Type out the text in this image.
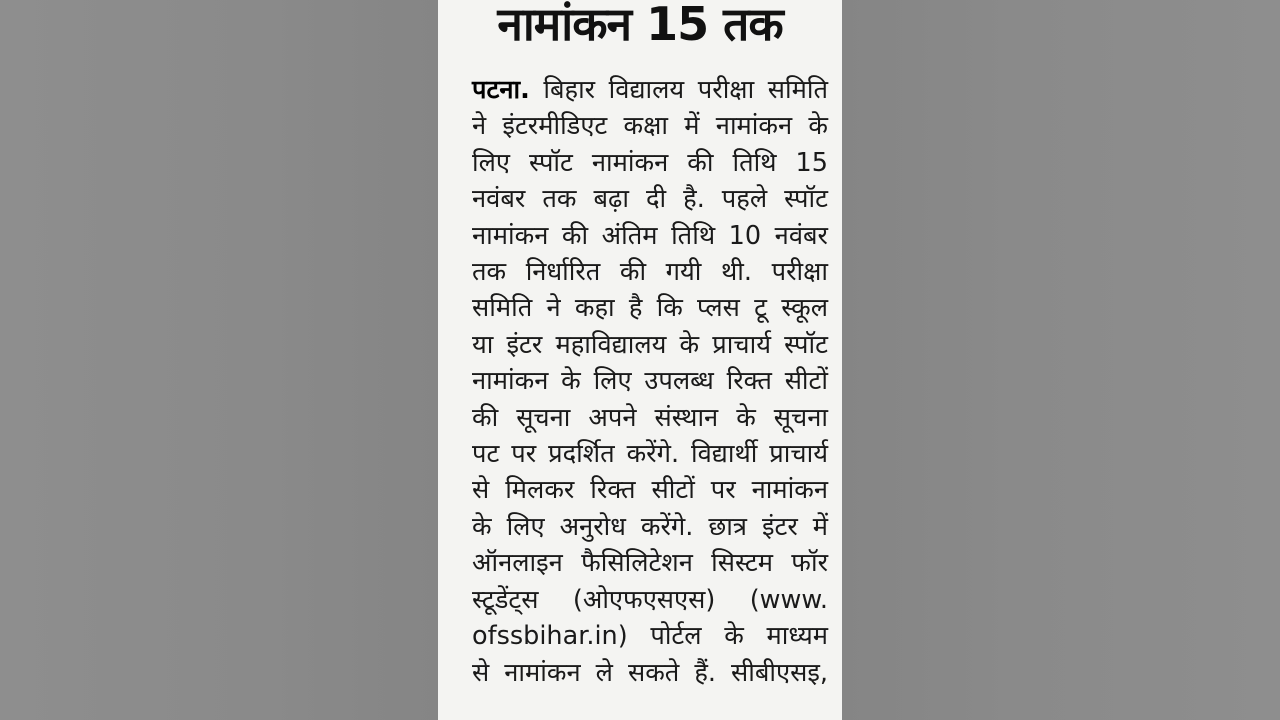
नामांकन 15 तक
पटना. बिहार विद्यालय परीक्षा समिति
ने इंटरमीडिएट कक्षा में नामांकन के
लिए स्पॉट नामांकन की तिथि 15
नवंबर तक बढ़ा दी है. पहले स्पॉट
नामांकन की अंतिम तिथि 10 नवंबर
तक निर्धारित की गयी थी. परीक्षा
समिति ने कहा है कि प्लस टू स्कूल
या इंटर महाविद्यालय के प्राचार्य स्पॉट
नामांकन के लिए उपलब्ध रिक्त सीटों
की सूचना अपने संस्थान के सूचना
पट पर प्रदर्शित करेंगे. विद्यार्थी प्राचार्य
से मिलकर रिक्त सीटों पर नामांकन
के लिए अनुरोध करेंगे. छात्र इंटर में
ऑनलाइन फैसिलिटेशन सिस्टम फॉर
स्टूडेंट्स (ओएफएसएस) (www.
ofssbihar.in) पोर्टल के माध्यम
से नामांकन ले सकते हैं. सीबीएसइ,
